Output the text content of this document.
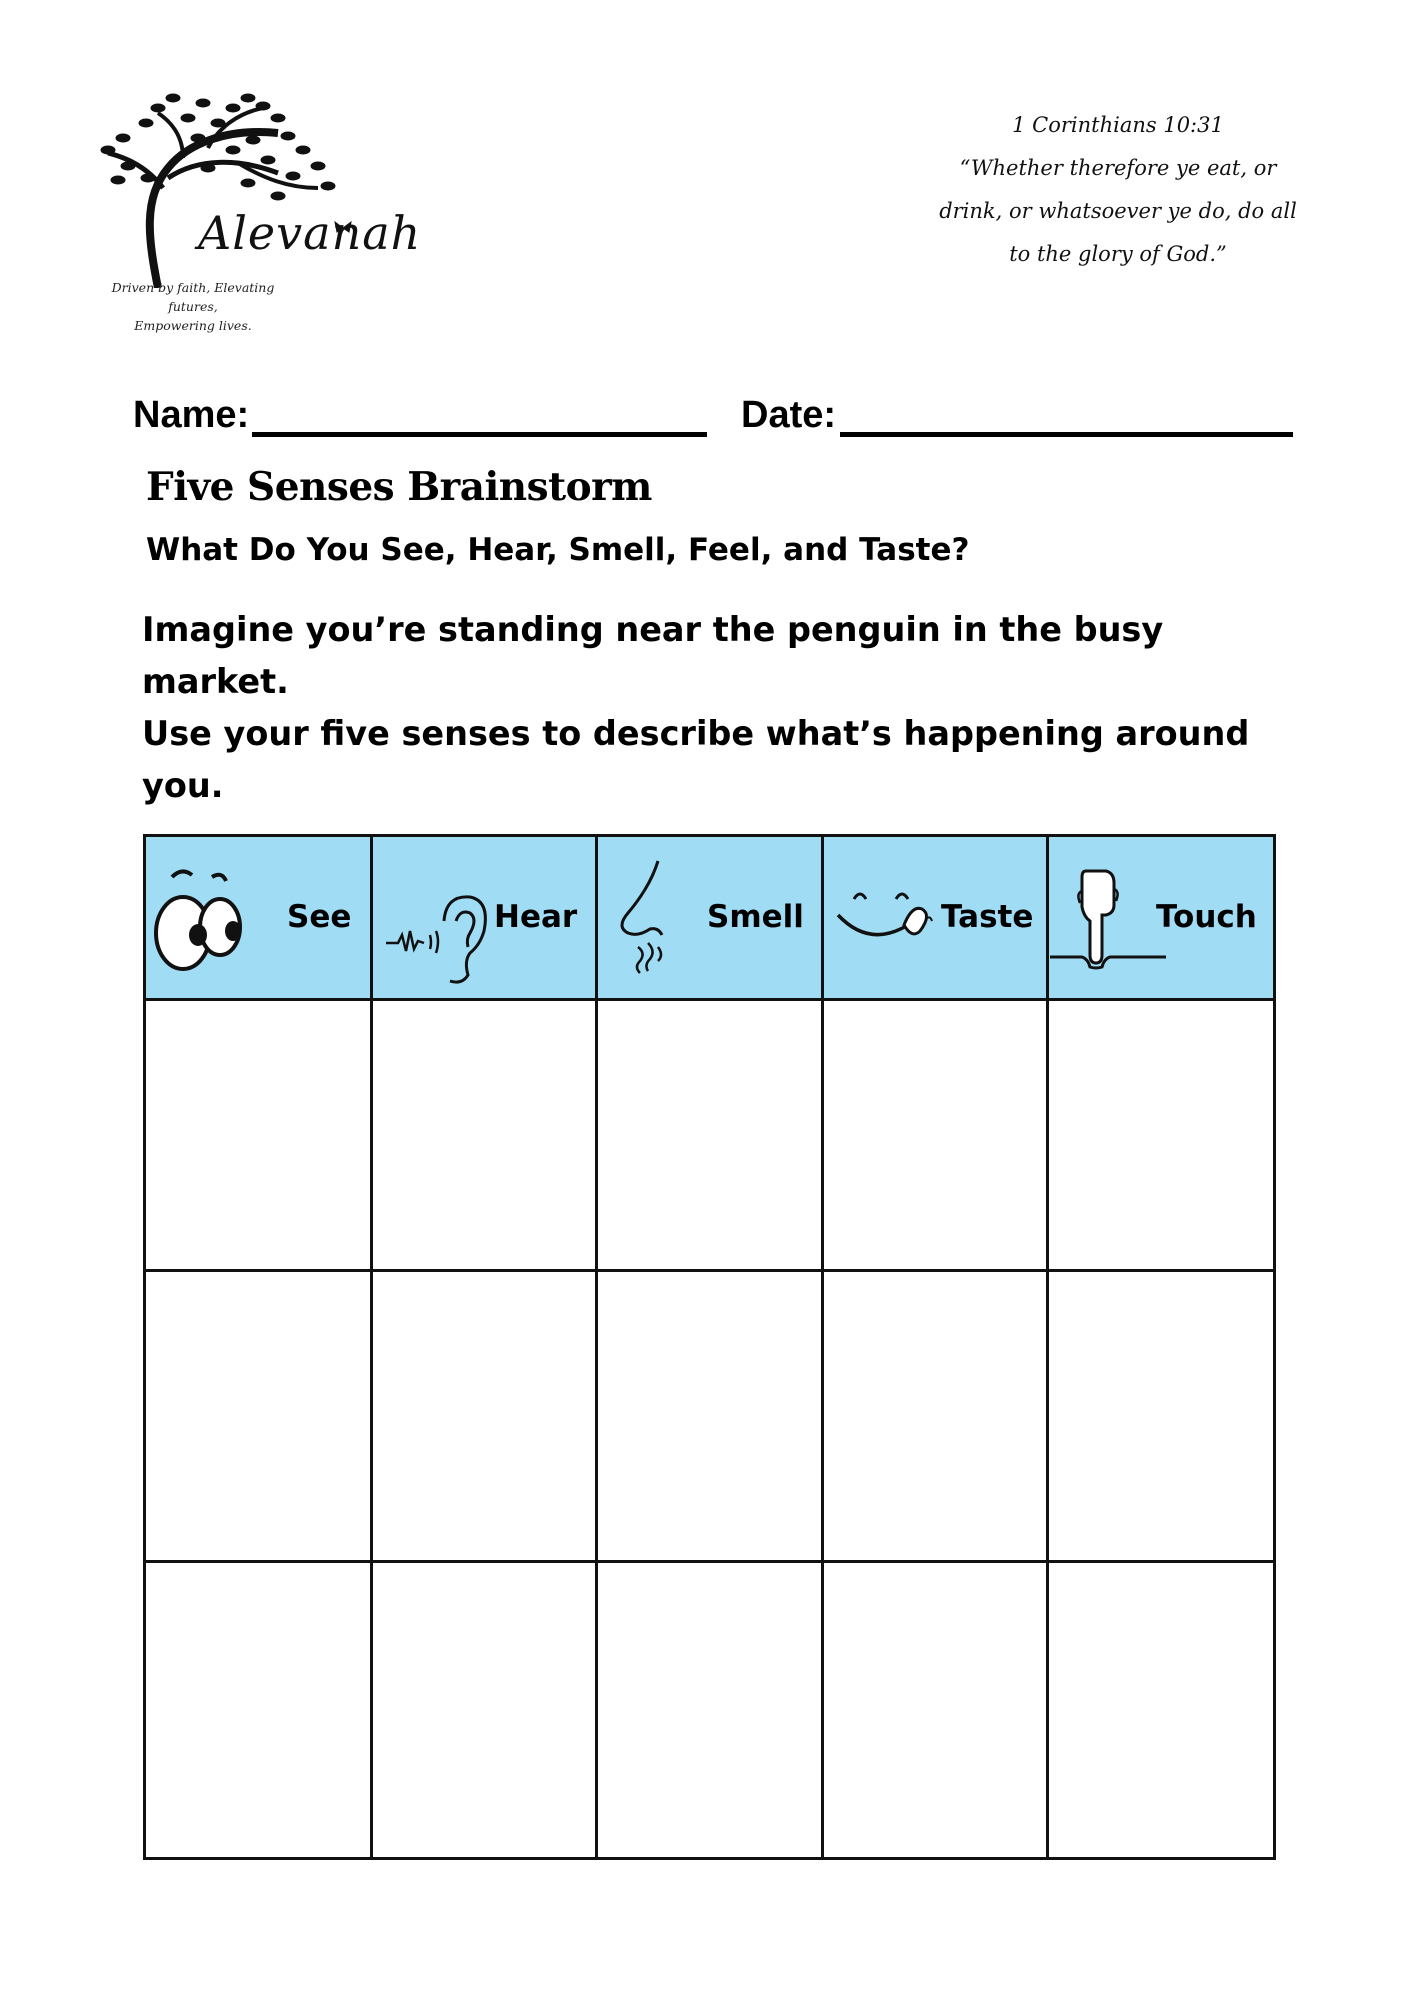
Alevanah
Driven by faith, Elevating futures,
Empowering lives.
1 Corinthians 10:31
“Whether therefore ye eat, or
drink, or whatsoever ye do, do all
to the glory of God.”
Name:	Date:
Five Senses Brainstorm
What Do You See, Hear, Smell, Feel, and Taste?
Imagine you’re standing near the penguin in the busy market.
Use your five senses to describe what’s happening around
you.
See	Hear	Smell	Taste	Touch
